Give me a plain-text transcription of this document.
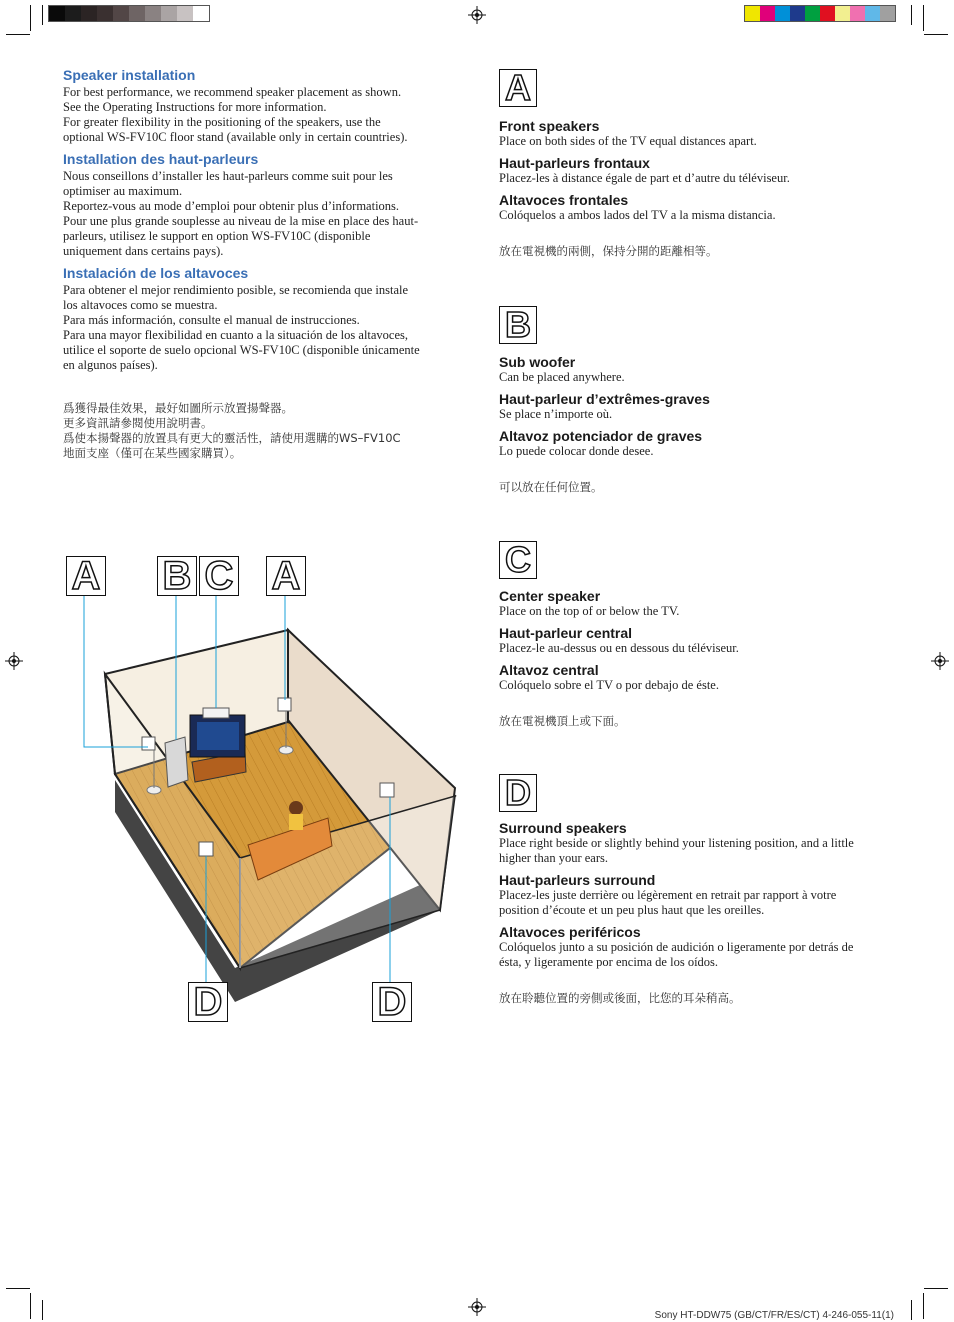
Speaker installation

For best performance, we recommend speaker placement as shown.

See the Operating Instructions for more information.

For greater flexibility in the positioning of the speakers, use the optional WS-FV10C floor stand (available only in certain countries).

Installation des haut-parleurs

Nous conseillons d’installer les haut-parleurs comme suit pour les optimiser au maximum.

Reportez-vous au mode d’emploi pour obtenir plus d’informations.

Pour une plus grande souplesse au niveau de la mise en place des haut-parleurs, utilisez le support en option WS-FV10C (disponible uniquement dans certains pays).

Instalación de los altavoces

Para obtener el mejor rendimiento posible, se recomienda que instale los altavoces como se muestra.

Para más información, consulte el manual de instrucciones.

Para una mayor flexibilidad en cuanto a la situación de los altavoces, utilice el soporte de suelo opcional WS-FV10C (disponible únicamente en algunos países).

爲獲得最佳效果，最好如圖所示放置揚聲器。

更多資訊請參閱使用說明書。

爲使本揚聲器的放置具有更大的靈活性，請使用選購的WS–FV10C

地面支座（僅可在某些國家購買）。

A B C A
D	D
A

Front speakers

Place on both sides of the TV equal distances apart.

Haut-parleurs frontaux

Placez-les à distance égale de part et d’autre du téléviseur.

Altavoces frontales

Colóquelos a ambos lados del TV a la misma distancia.

放在電視機的兩側，保持分開的距離相等。

B

Sub woofer

Can be placed anywhere.

Haut-parleur d’extrêmes-graves

Se place n’importe où.

Altavoz potenciador de graves

Lo puede colocar donde desee.

可以放在任何位置。

C

Center speaker

Place on the top of or below the TV.

Haut-parleur central

Placez-le au-dessus ou en dessous du téléviseur.

Altavoz central

Colóquelo sobre el TV o por debajo de éste.

放在電視機頂上或下面。

D

Surround speakers

Place right beside or slightly behind your listening position, and a little higher than your ears.

Haut-parleurs surround

Placez-les juste derrière ou légèrement en retrait par rapport à votre position d’écoute et un peu plus haut que les oreilles.

Altavoces periféricos

Colóquelos junto a su posición de audición o ligeramente por detrás de ésta, y ligeramente por encima de los oídos.

放在聆聽位置的旁側或後面，比您的耳朵稍高。

Sony HT-DDW75 (GB/CT/FR/ES/CT) 4-246-055-11(1)
